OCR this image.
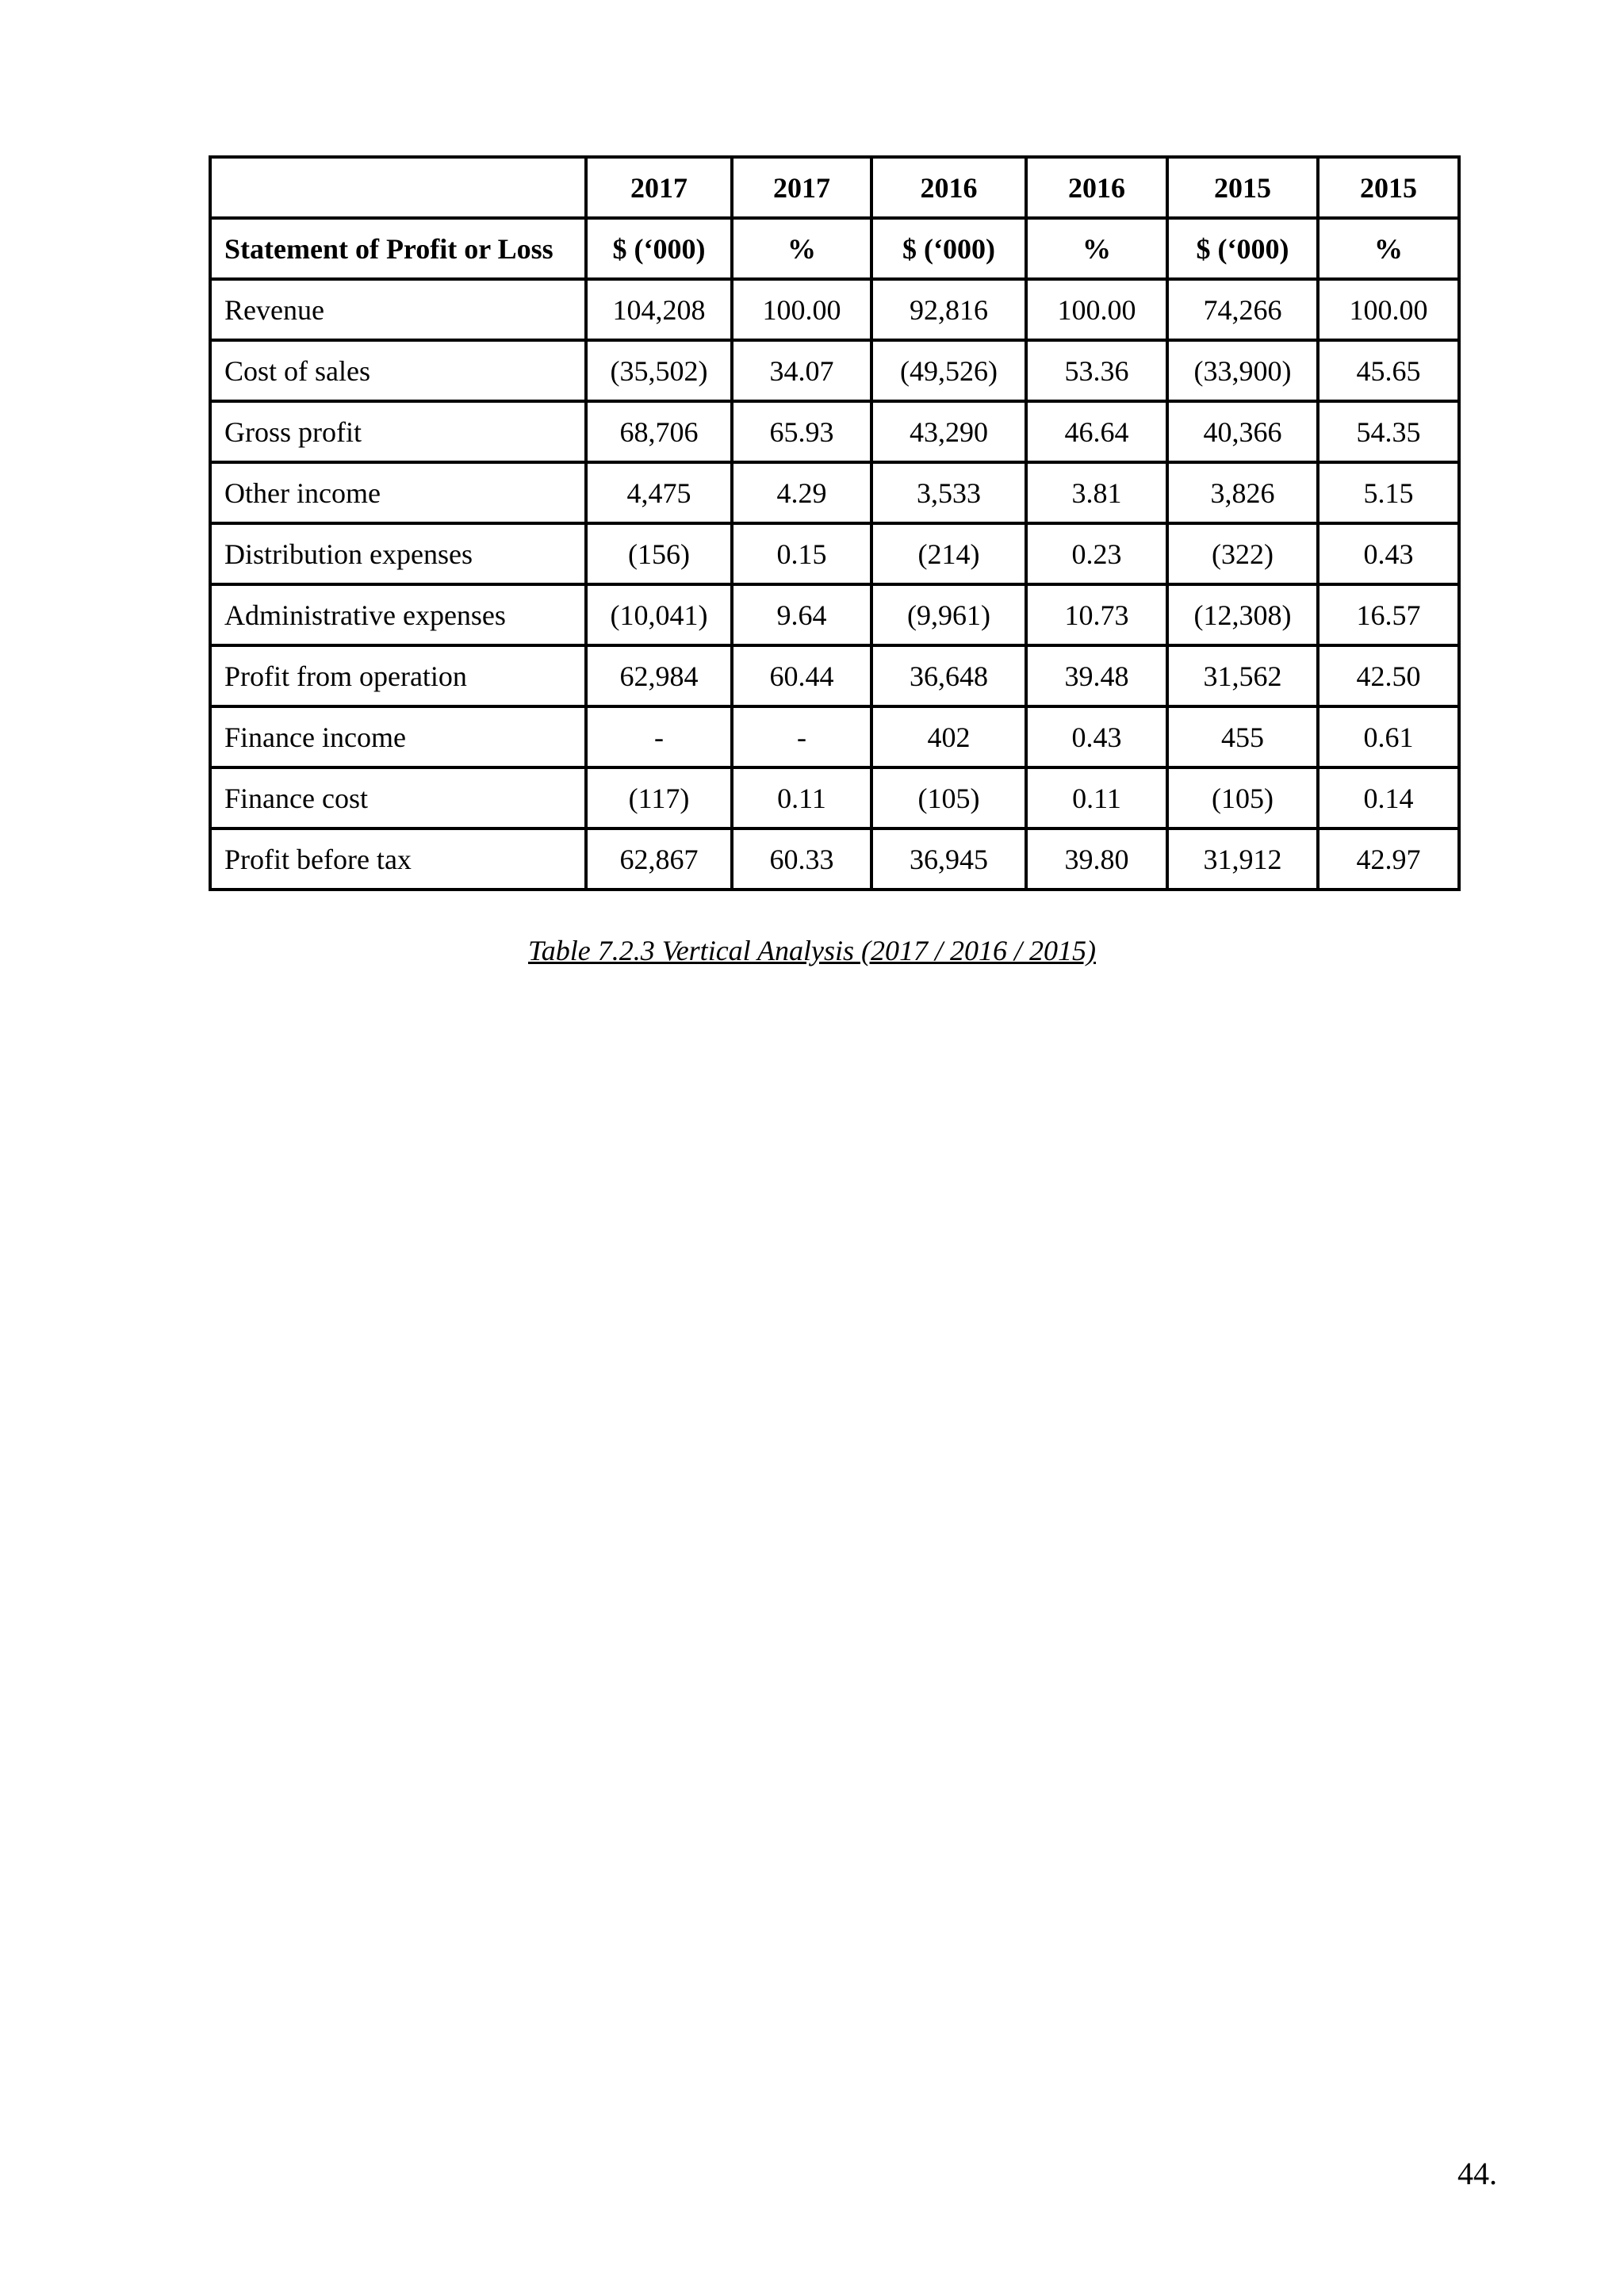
	2017	2017	2016	2016	2015	2015
Statement of Profit or Loss	$ (‘000)	%	$ (‘000)	%	$ (‘000)	%
Revenue	104,208	100.00	92,816	100.00	74,266	100.00
Cost of sales	(35,502)	34.07	(49,526)	53.36	(33,900)	45.65
Gross profit	68,706	65.93	43,290	46.64	40,366	54.35
Other income	4,475	4.29	3,533	3.81	3,826	5.15
Distribution expenses	(156)	0.15	(214)	0.23	(322)	0.43
Administrative expenses	(10,041)	9.64	(9,961)	10.73	(12,308)	16.57
Profit from operation	62,984	60.44	36,648	39.48	31,562	42.50
Finance income	-	-	402	0.43	455	0.61
Finance cost	(117)	0.11	(105)	0.11	(105)	0.14
Profit before tax	62,867	60.33	36,945	39.80	31,912	42.97
Table 7.2.3 Vertical Analysis (2017 / 2016 / 2015)
44.
